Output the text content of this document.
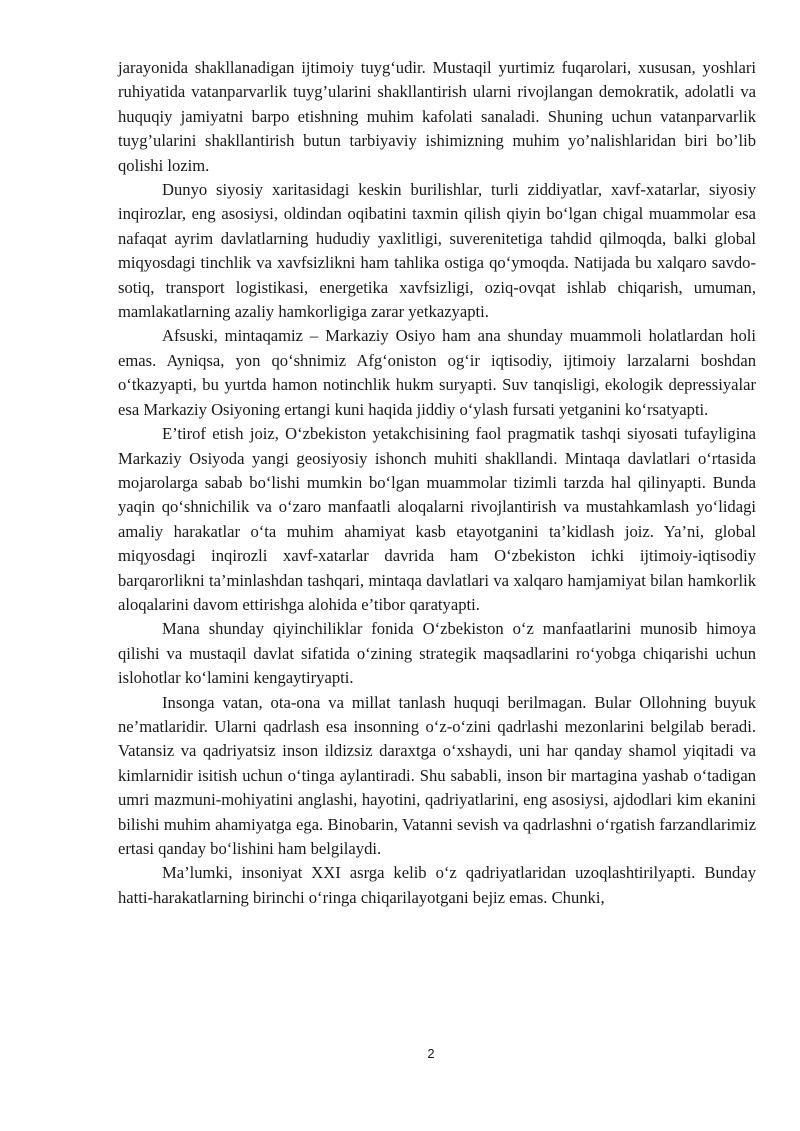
jarayonida shakllanadigan ijtimoiy tuyg‘udir. Mustaqil yurtimiz fuqarolari, xususan, yoshlari ruhiyatida vatanparvarlik tuyg’ularini shakllantirish ularni rivojlangan demokratik, adolatli va huquqiy jamiyatni barpo etishning muhim kafolati sanaladi. Shuning uchun vatanparvarlik tuyg’ularini shakllantirish butun tarbiyaviy ishimizning muhim yo’nalishlaridan biri bo’lib qolishi lozim.

Dunyo siyosiy xaritasidagi keskin burilishlar, turli ziddiyatlar, xavf-xatarlar, siyosiy inqirozlar, eng asosiysi, oldindan oqibatini taxmin qilish qiyin bo‘lgan chigal muammolar esa nafaqat ayrim davlatlarning hududiy yaxlitligi, suverenitetiga tahdid qilmoqda, balki global miqyosdagi tinchlik va xavfsizlikni ham tahlika ostiga qo‘ymoqda. Natijada bu xalqaro savdo-sotiq, transport logistikasi, energetika xavfsizligi, oziq-ovqat ishlab chiqarish, umuman, mamlakatlarning azaliy hamkorligiga zarar yetkazyapti.

Afsuski, mintaqamiz – Markaziy Osiyo ham ana shunday muammoli holatlardan holi emas. Ayniqsa, yon qo‘shnimiz Afg‘oniston og‘ir iqtisodiy, ijtimoiy larzalarni boshdan o‘tkazyapti, bu yurtda hamon notinchlik hukm suryapti. Suv tanqisligi, ekologik depressiyalar esa Markaziy Osiyoning ertangi kuni haqida jiddiy o‘ylash fursati yetganini ko‘rsatyapti.

E’tirof etish joiz, O‘zbekiston yetakchisining faol pragmatik tashqi siyosati tufayligina Markaziy Osiyoda yangi geosiyosiy ishonch muhiti shakllandi. Mintaqa davlatlari o‘rtasida mojarolarga sabab bo‘lishi mumkin bo‘lgan muammolar tizimli tarzda hal qilinyapti. Bunda yaqin qo‘shnichilik va o‘zaro manfaatli aloqalarni rivojlantirish va mustahkamlash yo‘lidagi amaliy harakatlar o‘ta muhim ahamiyat kasb etayotganini ta’kidlash joiz. Ya’ni, global miqyosdagi inqirozli xavf-xatarlar davrida ham O‘zbekiston ichki ijtimoiy-iqtisodiy barqarorlikni ta’minlashdan tashqari, mintaqa davlatlari va xalqaro hamjamiyat bilan hamkorlik aloqalarini davom ettirishga alohida e’tibor qaratyapti.

Mana shunday qiyinchiliklar fonida O‘zbekiston o‘z manfaatlarini munosib himoya qilishi va mustaqil davlat sifatida o‘zining strategik maqsadlarini ro‘yobga chiqarishi uchun islohotlar ko‘lamini kengaytiryapti.

Insonga vatan, ota-ona va millat tanlash huquqi berilmagan. Bular Ollohning buyuk ne’matlaridir. Ularni qadrlash esa insonning o‘z-o‘zini qadrlashi mezonlarini belgilab beradi. Vatansiz va qadriyatsiz inson ildizsiz daraxtga o‘xshaydi, uni har qanday shamol yiqitadi va kimlarnidir isitish uchun o‘tinga aylantiradi. Shu sababli, inson bir martagina yashab o‘tadigan umri mazmuni-mohiyatini anglashi, hayotini, qadriyatlarini, eng asosiysi, ajdodlari kim ekanini bilishi muhim ahamiyatga ega. Binobarin, Vatanni sevish va qadrlashni o‘rgatish farzandlarimiz ertasi qanday bo‘lishini ham belgilaydi.

Ma’lumki, insoniyat XXI asrga kelib o‘z qadriyatlaridan uzoqlashtirilyapti. Bunday hatti-harakatlarning birinchi o‘ringa chiqarilayotgani bejiz emas. Chunki,

2
